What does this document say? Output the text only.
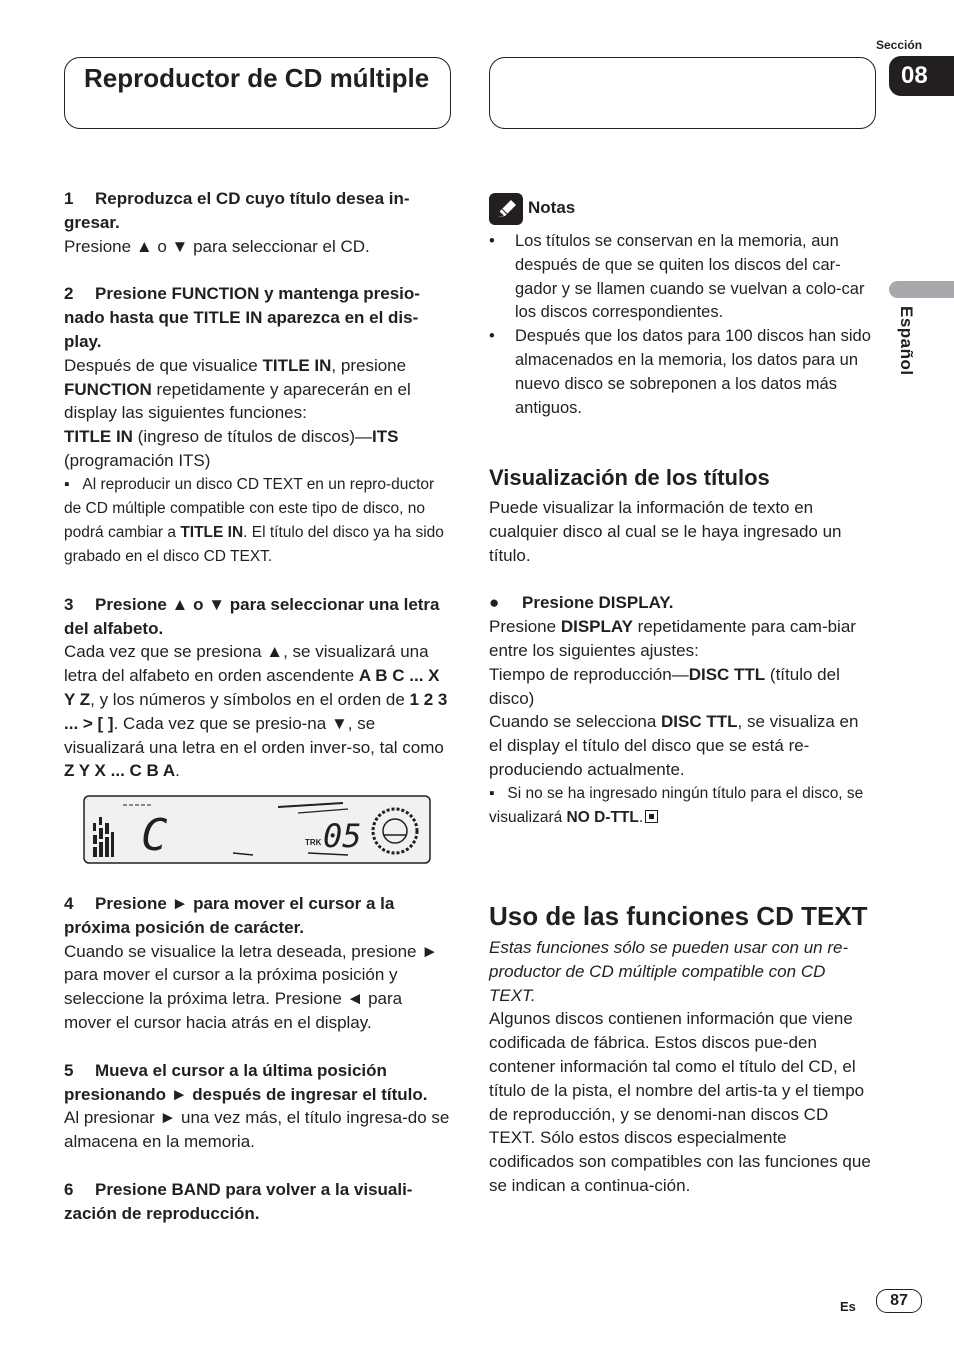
Reproductor de CD múltiple
Sección
08
Español

1 Reproduzca el CD cuyo título desea in-gresar.

Presione ▲ o ▼ para seleccionar el CD.

2 Presione FUNCTION y mantenga presio-nado hasta que TITLE IN aparezca en el dis-play.

Después de que visualice TITLE IN, presione FUNCTION repetidamente y aparecerán en el display las siguientes funciones:

TITLE IN (ingreso de títulos de discos)—ITS (programación ITS)

▪   Al reproducir un disco CD TEXT en un repro-ductor de CD múltiple compatible con este tipo de disco, no podrá cambiar a TITLE IN. El título del disco ya ha sido grabado en el disco CD TEXT.

3 Presione ▲ o ▼ para seleccionar una letra del alfabeto.

Cada vez que se presiona ▲, se visualizará una letra del alfabeto en orden ascendente A B C ... X Y Z, y los números y símbolos en el orden de 1 2 3 ... > [ ]. Cada vez que se presio-na ▼, se visualizará una letra en el orden inver-so, tal como Z Y X ... C B A.

C	TRK 05

4 Presione ► para mover el cursor a la próxima posición de carácter.

Cuando se visualice la letra deseada, presione ► para mover el cursor a la próxima posición y seleccione la próxima letra. Presione ◄ para mover el cursor hacia atrás en el display.

5 Mueva el cursor a la última posición presionando ► después de ingresar el título.

Al presionar ► una vez más, el título ingresa-do se almacena en la memoria.

6 Presione BAND para volver a la visuali-zación de reproducción.

Notas
•	Los títulos se conservan en la memoria, aun después de que se quiten los discos del car-gador y se llamen cuando se vuelvan a colo-car los discos correspondientes.
•	Después que los datos para 100 discos han sido almacenados en la memoria, los datos para un nuevo disco se sobreponen a los datos más antiguos.

Visualización de los títulos

Puede visualizar la información de texto en cualquier disco al cual se le haya ingresado un título.

● Presione DISPLAY.

Presione DISPLAY repetidamente para cam-biar entre los siguientes ajustes:

Tiempo de reproducción—DISC TTL (título del disco)

Cuando se selecciona DISC TTL, se visualiza en el display el título del disco que se está re-produciendo actualmente.

▪   Si no se ha ingresado ningún título para el disco, se visualizará NO D-TTL.

Uso de las funciones CD TEXT

Estas funciones sólo se pueden usar con un re-productor de CD múltiple compatible con CD TEXT.

Algunos discos contienen información que viene codificada de fábrica. Estos discos pue-den contener información tal como el título del CD, el título de la pista, el nombre del artis-ta y el tiempo de reproducción, y se denomi-nan discos CD TEXT. Sólo estos discos especialmente codificados son compatibles con las funciones que se indican a continua-ción.

Es	87
